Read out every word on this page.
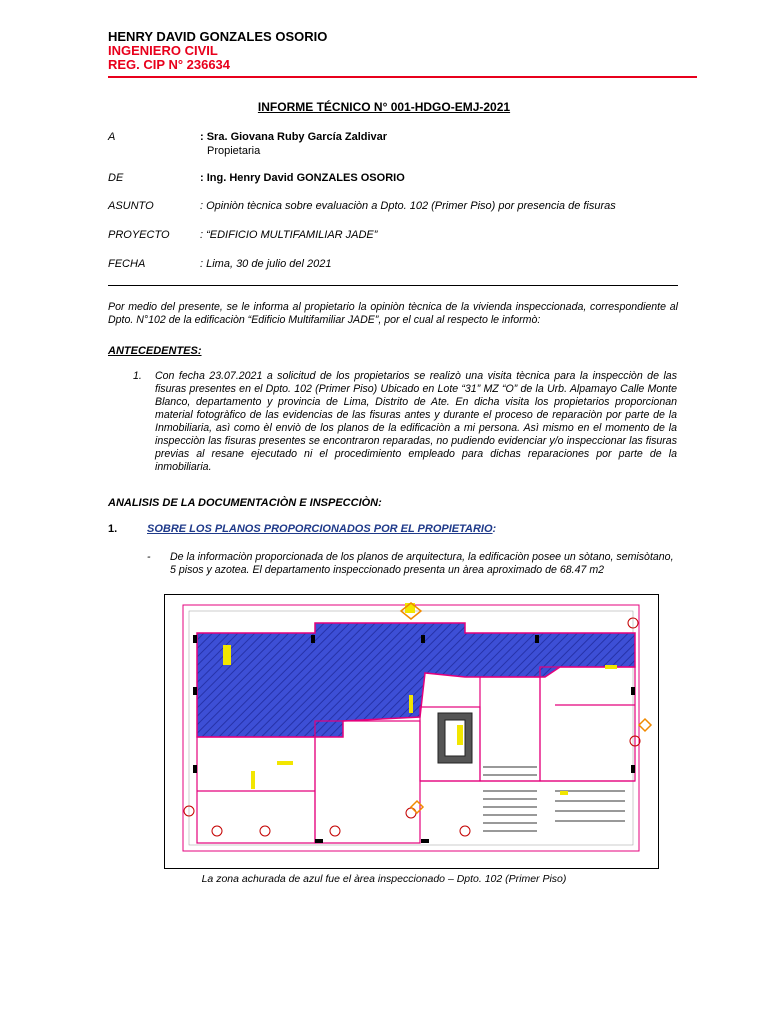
HENRY DAVID GONZALES OSORIO
INGENIERO CIVIL
REG. CIP N° 236634
INFORME TÉCNICO N° 001-HDGO-EMJ-2021
A	: Sra. Giovana Ruby García Zaldivar
Propietaria
DE	: Ing. Henry David GONZALES OSORIO
ASUNTO	: Opiniòn tècnica sobre evaluaciòn a Dpto. 102 (Primer Piso) por presencia de fisuras
PROYECTO	: “EDIFICIO MULTIFAMILIAR JADE”
FECHA	: Lima, 30 de julio del 2021
Por medio del presente, se le informa al propietario la opiniòn tècnica de la vivienda inspeccionada, correspondiente al Dpto. N°102 de la edificaciòn “Edificio Multifamiliar JADE”, por el cual al respecto le informò:
ANTECEDENTES:
1. Con fecha 23.07.2021 a solicitud de los propietarios se realizò una visita tècnica para la inspecciòn de las fisuras presentes en el Dpto. 102 (Primer Piso) Ubicado en Lote “31” MZ “O” de la Urb. Alpamayo Calle Monte Blanco, departamento y provincia de Lima, Distrito de Ate. En dicha visita los propietarios proporcionan material fotogràfico de las evidencias de las fisuras antes y durante el proceso de reparaciòn por parte de la Inmobiliaria, asì como èl enviò de los planos de la edificaciòn a mi persona. Asì mismo en el momento de la inspecciòn las fisuras presentes se encontraron reparadas, no pudiendo evidenciar y/o inspeccionar las fisuras previas al resane ejecutado ni el procedimiento empleado para dichas reparaciones por parte de la inmobiliaria.
ANALISIS DE LA DOCUMENTACIÒN E INSPECCIÒN:
1.	SOBRE LOS PLANOS PROPORCIONADOS POR EL PROPIETARIO:
- De la informaciòn proporcionada de los planos de arquitectura, la edificaciòn posee un sòtano, semisòtano, 5 pisos y azotea. El departamento inspeccionado presenta un àrea aproximado de 68.47 m2
La zona achurada de azul fue el àrea inspeccionado – Dpto. 102 (Primer Piso)
